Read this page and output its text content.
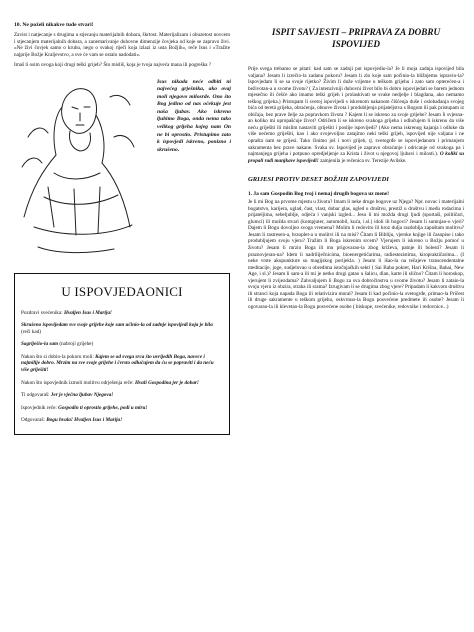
10. Ne poželi nikakve tuđe stvari!

Zavist i natjecanje s drugima u stjecanju materijalnih dobara, škrtost. Materijalizam i obuzetost novcem i stjecanjem materijalnih dobara, a zanemarivanje duhovne dimenzije čovjeka od koje se zapravo živi. «Ne živi čovjek samo o kruhu, nego o svakoj riječi koja izlazi iz usta Božjih», reče Isus i «Tražite najprije Božje Kraljevstvo, a sve će vam se ostalo nadodati».

Imaš li osim ovoga koji drugi teški grijeh? Što misliš, koja je tvoja najveća mana ili pogreška ?

Isus nikada neće odbiti ni najvećeg grješnika, ako ovaj moli njegovo milosrđe. Ono što Bog jedino od nas očekuje jest naša ljubav. Ako iskreno ljubimo Boga, onda nema tako velikog grijeha kojeg nam On ne bi oprostio. Pristupimo zato k ispovjedi iskreno, ponizno i skrušeno.
U ISPOVJEDAONICI

Pozdravi svećenika: Hvaljen Isus i Marija!

Skrušeno ispovijedam sve svoje grijehe koje sam učinio-la od zadnje ispovijedi koja je bila (reči kad)

Sagriješio-la sam (nabroji grijehe)

Nakon što si dobio-la pokoru moli: Kajem se od svega srca što uvrijedih Boga, navece i najmilije dobro. Mrzim na sve svoje grijehe i čvrsto odlučujem da ću se popraviti i da neću više griješiti!

Nakon što ispovjednik izmoli molitvu odrješenja reče: Hvali Gospodina jer je dobar!

Ti odgovaraš: Jer je vječna ljubav Njegova!

Ispovjednik reče: Gospodin ti oprostio grijehe, pođi u miru!

Odgovaraš: Bogu hvala! Hvaljen Isus i Marija!

ISPIT SAVJESTI – PRIPRAVA ZA DOBRU
ISPOVIJED

Prije svega trebamo se pitati: kad sam se zadnji put ispovjedio-la? Je li moja zadnja ispovijed bila valjana? Jesam li izrečio-la zadanu pokoru? Jesam li zlo koje sam počinio-la bližnjemu ispravio-la? Ispovjedam li se sa svoje rijetko? Živim li duže vrijeme u teškom grijehu i zato sam opterećen-a i beživotan-a u svome životu? ( Za intenzivniji duhovni život bilo bi dobro ispovijedati se barem jednom mjesečno ili češće ako imamo teški grijeh i prolaskivati se svake nedjelje i blagdana, ako nemamo teškog grijeha.) Pristupam li svetoj ispovijedi s iskrenom nakanom čišćenja duše i oslobađanja svojeg bića od teretá grijeha, obraćenja, obnove života i produbljenja prijateljstva s Bogom ili pak pristupam iz običaja, bez prave želje za popravkom života ? Kajem li se iskreno za svoje grijehe? Jesam li svjesna-an koliko mi upropašćuje život? Odričem li se iskreno svakoga grijeha i odlučujem li iskreno da više neću griješiti ili mislim nastaviti griješiti i poslije ispovijedi? (Ako nema iskrenog kajanja i odluke da više nećemo griješiti, kao i ako svojevoljno zatajimo neki teški grijeh, ispovijed nije valjana i ne oprašta nam se grijesi. Tako činimo još i novi grijeh, tj. svetogrđe se ispovijedanom i primanjem sakramenta bez prave nakane. Svaka sv. Ispovijed je zapravo obraćanje i odricanje od svakoga pa i najmanjega grijeha i potpuno opredjeljenje za Krista i život u njegovoj ljubavi i milosti.). O koliki su propali radi manjkave ispovijedi! zamjenila je rečenica sv. Terezije Avilske.

GRIJESI PROTIV DESET BOŽJIH ZAPOVIJEDI
1. Ja sam Gospodin Bog tvoj i nemaj drugih bogova uz mene!

Je li mi Bog na prvome mjestu u životu? Imam li neke druge bogove uz Njega? Npr. novac i materijalni bogatstvo, karijera, uglad, čast, vlast, dobar glas, ugled u društvu, prestiž u društvu i među rodacima i prijateljima, sebeljublje, odjeća i vanjski izgled... Jesu li mi možda drugi ljudi (sportaši, političari, glumci) ili možda stvari (kompjuter, automobil, kuća, i.sl.) idoli ili bogovi? Jesam li sumnjao-o vjeri? Dajem li Bogu dovoljno svoga vremena? Molim li redovito ili kroz dulja razdoblja zapuštam molitvu? Jesam li rastresen-a, brzoplet-a u molitvi ili na misi? Čitam li Bibliju, vjerske knjige ili časopise i tako produbljujem svoju vjeru? Tražim li Boga iskrenim srcem? Vjerujem li iskreno u Božju pomoć u životu? Jesam li mrzio Boga ili mu prigovarao-la zbog križeva, patnje ili bolesti? Jesam li praznovjeran-na? Idem li nadriliječnicima, bioenergetičarima, radiestezistima, kiropraktičarima... (I neke vrste akupunkture su magijskog porijekla. ) Jesam li išao-la na tečajeve transcendentalne meditacije, joge, sudjelovao u obredima istočnjačkih sekti ( Sai Baba pokret, Hari Krišna, Bahai, New Age, i sl.)? Jesam li sam-a ili mi je netko drugi gatao u šalicu, dlan, karte ili slično? Čitam li horoskop, vjerujem li zvijezdama? Zahvaljujem li Bogu za sva dobročinstva u svome životu? Jesam li zataio-la svoju vjeru iz obzira, straha ili srama? Izrugivam li se drugima zbog vjere? Pripadam li kakvom društvu ili stranci koja napada Boga ili relativizira moral? Jesam li kad počinio-la svetogrđe, primao-la Pričest ili druge sakramente u teškom grijehu, oskvrnuo-la Bogu posvećene predmete ili osobe? Jesam li ogovarao-la ili klevetao-la Bogu posvećene osobe ( biskupe, svećenike, redovnike i redovnice...)
